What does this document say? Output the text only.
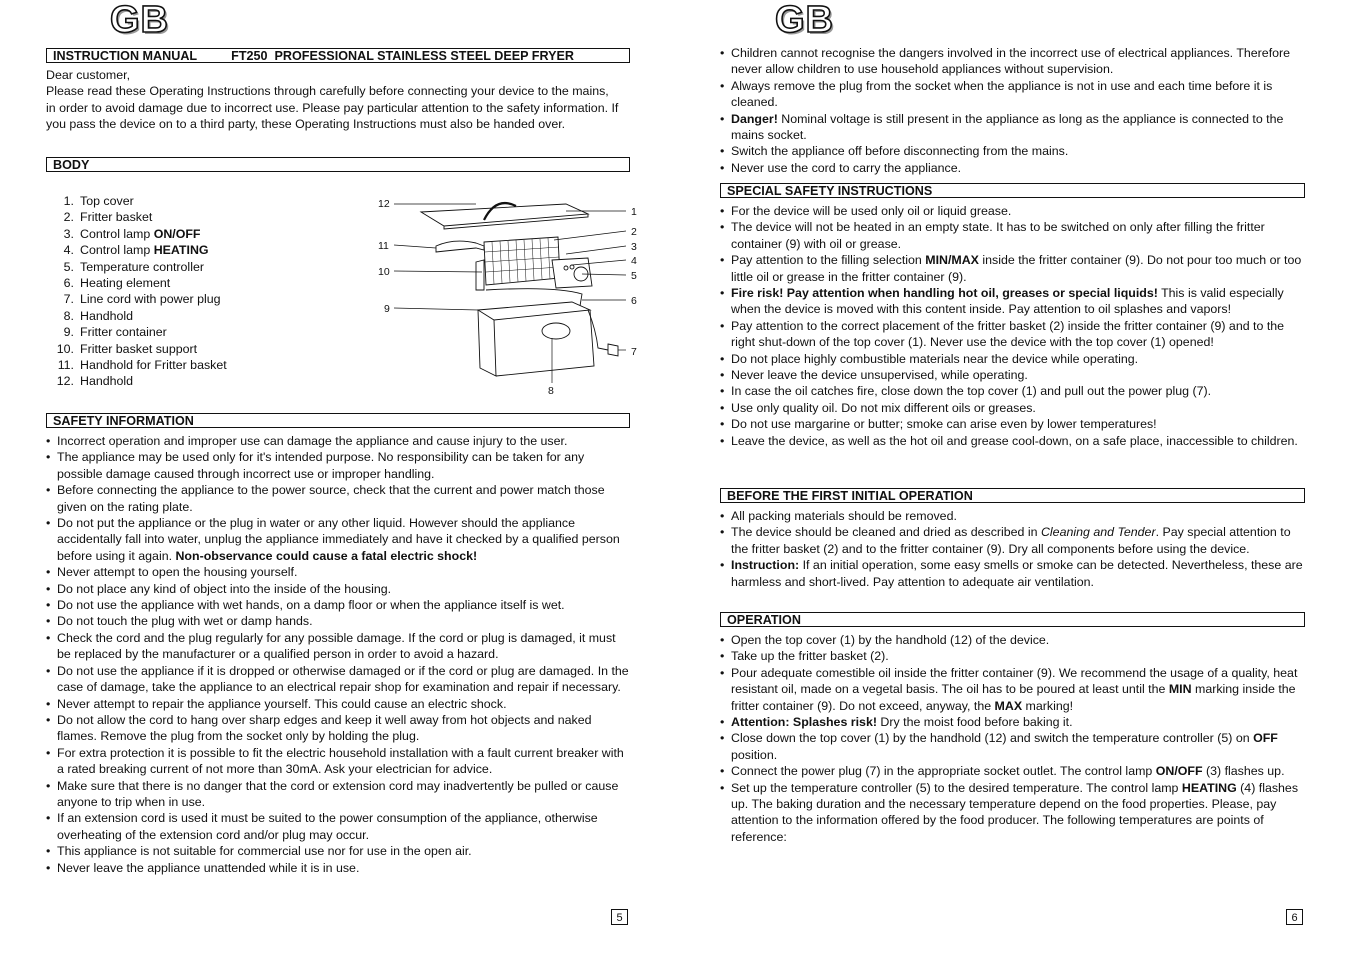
GB
INSTRUCTION MANUAL	FT250  PROFESSIONAL STAINLESS STEEL DEEP FRYER
Dear customer,
Please read these Operating Instructions through carefully before connecting your device to the mains, in order to avoid damage due to incorrect use. Please pay particular attention to the safety information. If you pass the device on to a third party, these Operating Instructions must also be handed over.
BODY
1. Top cover
2. Fritter basket
3. Control lamp ON/OFF
4. Control lamp HEATING
5. Temperature controller
6. Heating element
7. Line cord with power plug
8. Handhold
9. Fritter container
10. Fritter basket support
11. Handhold for Fritter basket
12. Handhold
12
11
10
9
1
2
3
4
5
6
7
8
SAFETY INFORMATION
• Incorrect operation and improper use can damage the appliance and cause injury to the user.
• The appliance may be used only for it's intended purpose. No responsibility can be taken for any possible damage caused through incorrect use or improper handling.
• Before connecting the appliance to the power source, check that the current and power match those given on the rating plate.
• Do not put the appliance or the plug in water or any other liquid. However should the appliance accidentally fall into water, unplug the appliance immediately and have it checked by a qualified person before using it again. Non-observance could cause a fatal electric shock!
• Never attempt to open the housing yourself.
• Do not place any kind of object into the inside of the housing.
• Do not use the appliance with wet hands, on a damp floor or when the appliance itself is wet.
• Do not touch the plug with wet or damp hands.
• Check the cord and the plug regularly for any possible damage. If the cord or plug is damaged, it must be replaced by the manufacturer or a qualified person in order to avoid a hazard.
• Do not use the appliance if it is dropped or otherwise damaged or if the cord or plug are damaged. In the case of damage, take the appliance to an electrical repair shop for examination and repair if necessary.
• Never attempt to repair the appliance yourself. This could cause an electric shock.
• Do not allow the cord to hang over sharp edges and keep it well away from hot objects and naked flames. Remove the plug from the socket only by holding the plug.
• For extra protection it is possible to fit the electric household installation with a fault current breaker with a rated breaking current of not more than 30mA. Ask your electrician for advice.
• Make sure that there is no danger that the cord or extension cord may inadvertently be pulled or cause anyone to trip when in use.
• If an extension cord is used it must be suited to the power consumption of the appliance, otherwise overheating of the extension cord and/or plug may occur.
• This appliance is not suitable for commercial use nor for use in the open air.
• Never leave the appliance unattended while it is in use.
5
GB
• Children cannot recognise the dangers involved in the incorrect use of electrical appliances. Therefore never allow children to use household appliances without supervision.
• Always remove the plug from the socket when the appliance is not in use and each time before it is cleaned.
• Danger! Nominal voltage is still present in the appliance as long as the appliance is connected to the mains socket.
• Switch the appliance off before disconnecting from the mains.
• Never use the cord to carry the appliance.
SPECIAL SAFETY INSTRUCTIONS
• For the device will be used only oil or liquid grease.
• The device will not be heated in an empty state. It has to be switched on only after filling the fritter container (9) with oil or grease.
• Pay attention to the filling selection MIN/MAX inside the fritter container (9). Do not pour too much or too little oil or grease in the fritter container (9).
• Fire risk! Pay attention when handling hot oil, greases or special liquids! This is valid especially when the device is moved with this content inside. Pay attention to oil splashes and vapors!
• Pay attention to the correct placement of the fritter basket (2) inside the fritter container (9) and to the right shut-down of the top cover (1). Never use the device with the top cover (1) opened!
• Do not place highly combustible materials near the device while operating.
• Never leave the device unsupervised, while operating.
• In case the oil catches fire, close down the top cover (1) and pull out the power plug (7).
• Use only quality oil. Do not mix different oils or greases.
• Do not use margarine or butter; smoke can arise even by lower temperatures!
• Leave the device, as well as the hot oil and grease cool-down, on a safe place, inaccessible to children.
BEFORE THE FIRST INITIAL OPERATION
• All packing materials should be removed.
• The device should be cleaned and dried as described in Cleaning and Tender. Pay special attention to the fritter basket (2) and to the fritter container (9). Dry all components before using the device.
• Instruction: If an initial operation, some easy smells or smoke can be detected. Nevertheless, these are harmless and short-lived. Pay attention to adequate air ventilation.
OPERATION
• Open the top cover (1) by the handhold (12) of the device.
• Take up the fritter basket (2).
• Pour adequate comestible oil inside the fritter container (9). We recommend the usage of a quality, heat resistant oil, made on a vegetal basis. The oil has to be poured at least until the MIN marking inside the fritter container (9). Do not exceed, anyway, the MAX marking!
• Attention: Splashes risk! Dry the moist food before baking it.
• Close down the top cover (1) by the handhold (12) and switch the temperature controller (5) on OFF position.
• Connect the power plug (7) in the appropriate socket outlet. The control lamp ON/OFF (3) flashes up.
• Set up the temperature controller (5) to the desired temperature. The control lamp HEATING (4) flashes up. The baking duration and the necessary temperature depend on the food properties. Please, pay attention to the information offered by the food producer. The following temperatures are points of reference:
6
